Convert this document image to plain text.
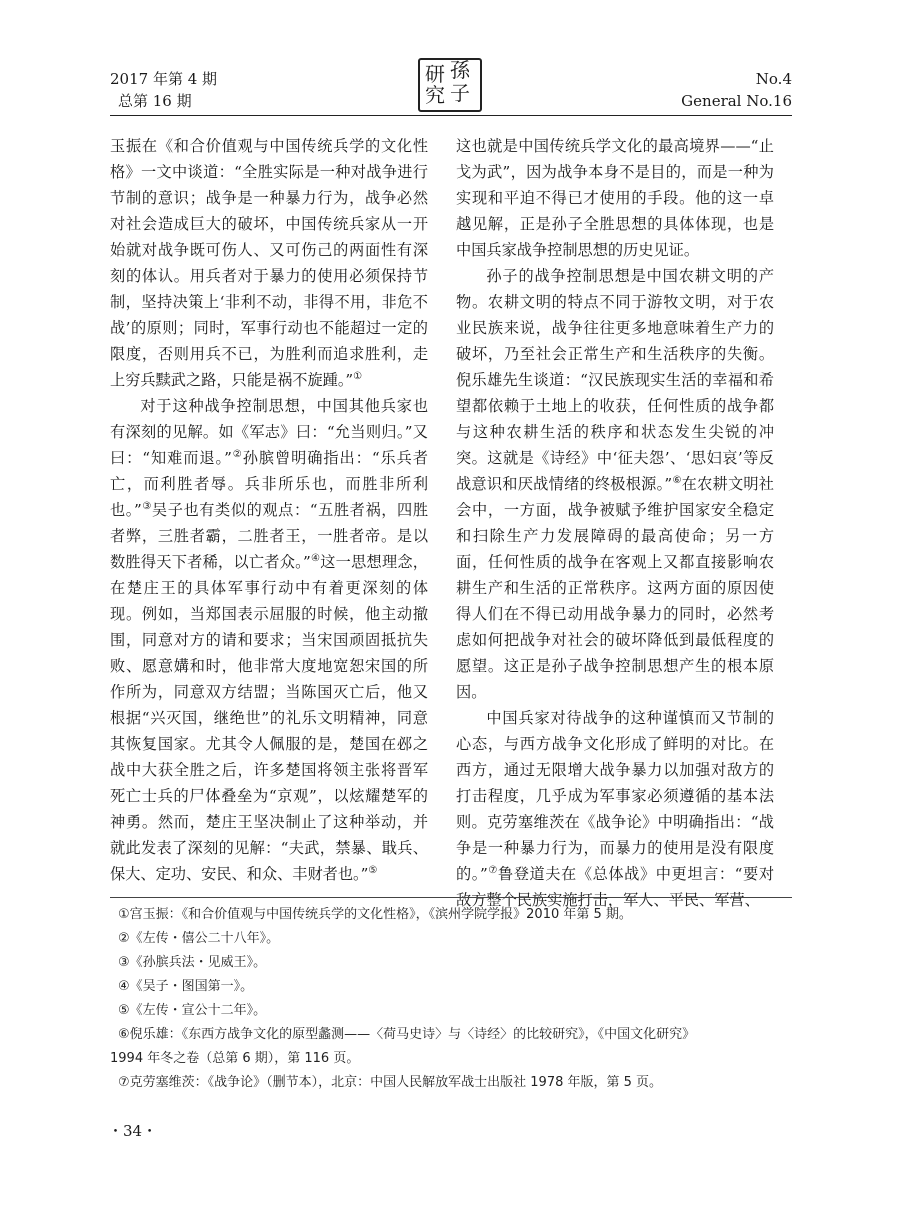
2017 年第 4 期
总第 16 期
研 孫
究 子
No.4
General No.16

玉振在《和合价值观与中国传统兵学的文化性格》一文中谈道：“全胜实际是一种对战争进行节制的意识；战争是一种暴力行为，战争必然对社会造成巨大的破坏，中国传统兵家从一开始就对战争既可伤人、又可伤己的两面性有深刻的体认。用兵者对于暴力的使用必须保持节制，坚持决策上‘非利不动，非得不用，非危不战’的原则；同时，军事行动也不能超过一定的限度，否则用兵不已，为胜利而追求胜利，走上穷兵黩武之路，只能是祸不旋踵。”①

对于这种战争控制思想，中国其他兵家也有深刻的见解。如《军志》曰：“允当则归。”又曰：“知难而退。”②孙膑曾明确指出：“乐兵者亡，而利胜者辱。兵非所乐也，而胜非所利也。”③吴子也有类似的观点：“五胜者祸，四胜者弊，三胜者霸，二胜者王，一胜者帝。是以数胜得天下者稀，以亡者众。”④这一思想理念，在楚庄王的具体军事行动中有着更深刻的体现。例如，当郑国表示屈服的时候，他主动撤围，同意对方的请和要求；当宋国顽固抵抗失败、愿意媾和时，他非常大度地宽恕宋国的所作所为，同意双方结盟；当陈国灭亡后，他又根据“兴灭国，继绝世”的礼乐文明精神，同意其恢复国家。尤其令人佩服的是，楚国在邲之战中大获全胜之后，许多楚国将领主张将晋军死亡士兵的尸体叠垒为“京观”，以炫耀楚军的神勇。然而，楚庄王坚决制止了这种举动，并就此发表了深刻的见解：“夫武，禁暴、戢兵、保大、定功、安民、和众、丰财者也。”⑤

这也就是中国传统兵学文化的最高境界——“止戈为武”，因为战争本身不是目的，而是一种为实现和平迫不得已才使用的手段。他的这一卓越见解，正是孙子全胜思想的具体体现，也是中国兵家战争控制思想的历史见证。

孙子的战争控制思想是中国农耕文明的产物。农耕文明的特点不同于游牧文明，对于农业民族来说，战争往往更多地意味着生产力的破坏，乃至社会正常生产和生活秩序的失衡。倪乐雄先生谈道：“汉民族现实生活的幸福和希望都依赖于土地上的收获，任何性质的战争都与这种农耕生活的秩序和状态发生尖锐的冲突。这就是《诗经》中‘征夫怨’、‘思妇哀’等反战意识和厌战情绪的终极根源。”⑥在农耕文明社会中，一方面，战争被赋予维护国家安全稳定和扫除生产力发展障碍的最高使命；另一方面，任何性质的战争在客观上又都直接影响农耕生产和生活的正常秩序。这两方面的原因使得人们在不得已动用战争暴力的同时，必然考虑如何把战争对社会的破坏降低到最低程度的愿望。这正是孙子战争控制思想产生的根本原因。

中国兵家对待战争的这种谨慎而又节制的心态，与西方战争文化形成了鲜明的对比。在西方，通过无限增大战争暴力以加强对敌方的打击程度，几乎成为军事家必须遵循的基本法则。克劳塞维茨在《战争论》中明确指出：“战争是一种暴力行为，而暴力的使用是没有限度的。”⑦鲁登道夫在《总体战》中更坦言：“要对敌方整个民族实施打击，军人、平民、军营、

①宫玉振：《和合价值观与中国传统兵学的文化性格》，《滨州学院学报》2010 年第 5 期。
②《左传・僖公二十八年》。
③《孙膑兵法・见威王》。
④《吴子・图国第一》。
⑤《左传・宣公十二年》。
⑥倪乐雄：《东西方战争文化的原型蠡测——〈荷马史诗〉与〈诗经〉的比较研究》，《中国文化研究》
1994 年冬之卷（总第 6 期），第 116 页。
⑦克劳塞维茨：《战争论》（删节本），北京：中国人民解放军战士出版社 1978 年版，第 5 页。
・34・
